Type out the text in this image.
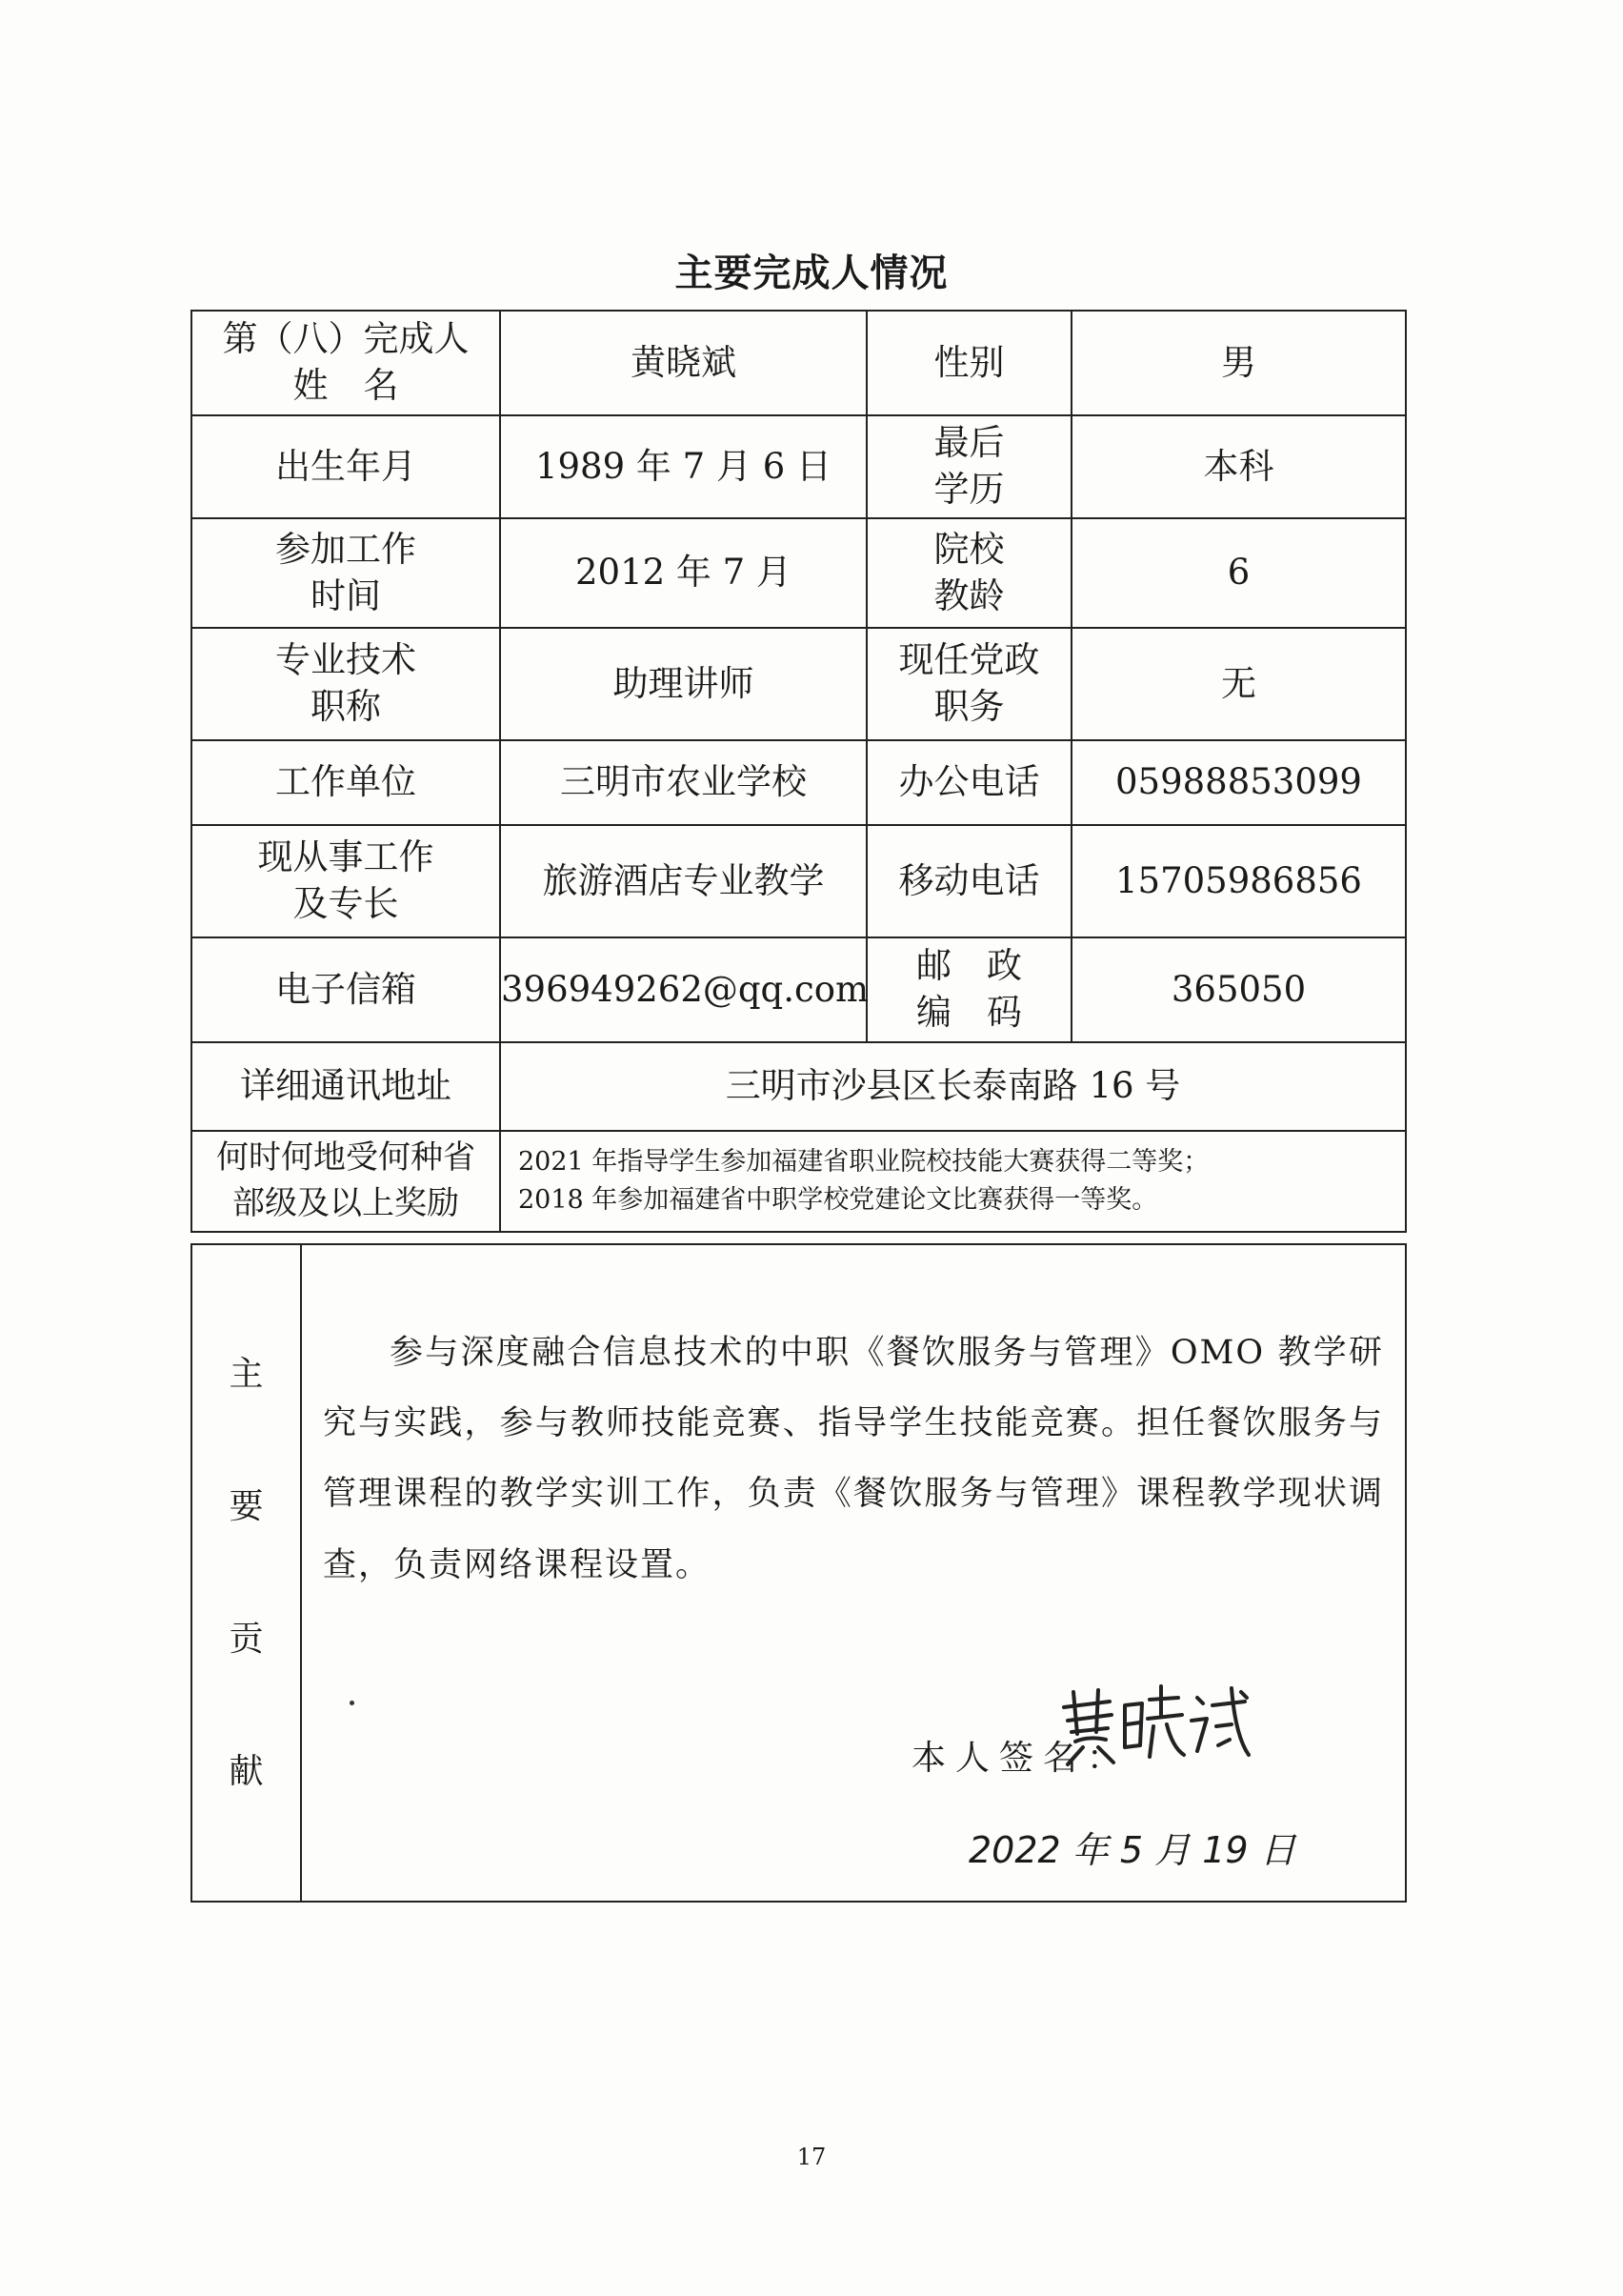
主要完成人情况
第（八）完成人姓　名	黄晓斌	性别	男
出生年月	1989 年 7 月 6 日	最后学历	本科
参加工作时间	2012 年 7 月	院校教龄	6
专业技术职称	助理讲师	现任党政职务	无
工作单位	三明市农业学校	办公电话	05988853099
现从事工作及专长	旅游酒店专业教学	移动电话	15705986856
电子信箱	396949262@qq.com	邮　政编　码	365050
详细通讯地址	三明市沙县区长泰南路 16 号		
何时何地受何种省部级及以上奖励	2021 年指导学生参加福建省职业院校技能大赛获得二等奖；
2018 年参加福建省中职学校党建论文比赛获得一等奖。		
主
要
贡
献

参与深度融合信息技术的中职《餐饮服务与管理》OMO 教学研究与实践，参与教师技能竞赛、指导学生技能竞赛。担任餐饮服务与管理课程的教学实训工作，负责《餐饮服务与管理》课程教学现状调查，负责网络课程设置。
本人签名：
2022 年 5 月 19 日
17
